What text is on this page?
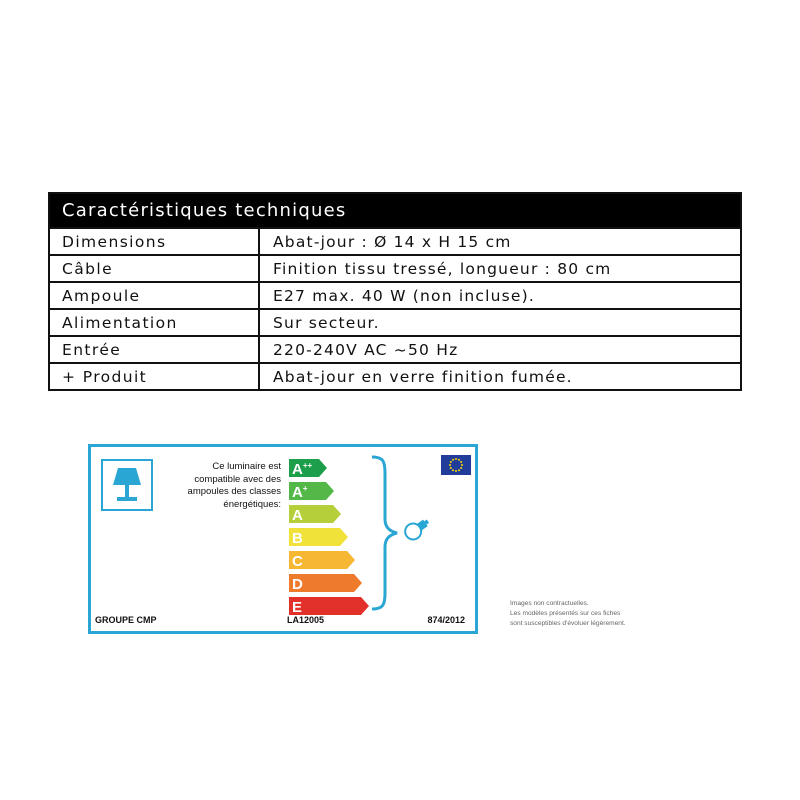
Caractéristiques techniques
Dimensions	Abat-jour : Ø 14 x H 15 cm
Câble	Finition tissu tressé, longueur : 80 cm
Ampoule	E27 max. 40 W (non incluse).
Alimentation	Sur secteur.
Entrée	220-240V AC ~50 Hz
+ Produit	Abat-jour en verre finition fumée.
Ce luminaire est
compatible avec des
ampoules des classes
énergétiques:
A++
A+
A
B
C
D
E
GROUPE CMP	LA12005	874/2012
Images non contractuelles.
Les modèles présentés sur ces fiches
sont susceptibles d'évoluer légèrement.
